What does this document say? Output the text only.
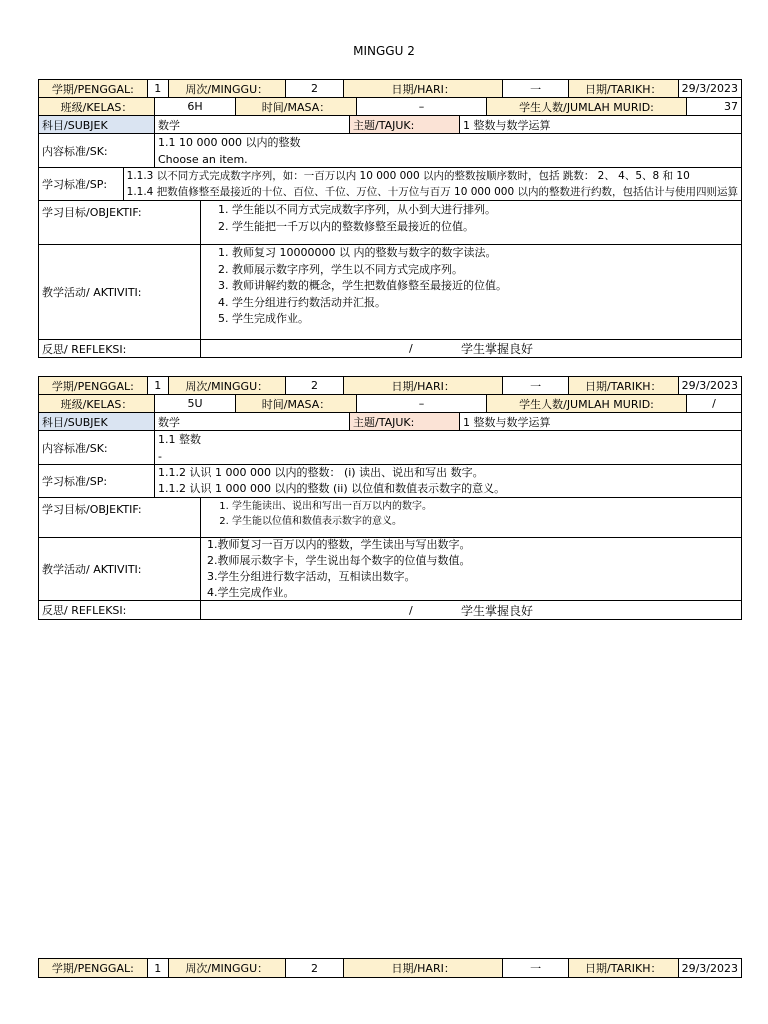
MINGGU 2
学期/PENGGAL:	1	周次/MINGGU：	2	日期/HARI：	一	日期/TARIKH：	29/3/2023
班级/KELAS：	6H	时间/MASA：	–	学生人数/JUMLAH MURID:	37
科目/SUBJEK	数学	主题/TAJUK:	1 整数与数学运算
内容标准/SK:
1.1 10 000 000 以内的整数
Choose an item.
学习标准/SP:
1.1.3 以不同方式完成数字序列，如：一百万以内 10 000 000 以内的整数按顺序数时，包括 跳数： 2、 4、5、8 和 10
1.1.4 把数值修整至最接近的十位、百位、千位、万位、十万位与百万 10 000 000 以内的整数进行约数，包括估计与使用四则运算
学习目标/OBJEKTIF:	1. 学生能以不同方式完成数字序列，从小到大进行排列。
2. 学生能把一千万以内的整数修整至最接近的位值。
教学活动/ AKTIVITI:
1. 教师复习 10000000 以 内的整数与数字的数字读法。
2. 教师展示数字序列，学生以不同方式完成序列。
3. 教师讲解约数的概念，学生把数值修整至最接近的位值。
4. 学生分组进行约数活动并汇报。
5. 学生完成作业。
反思/ REFLEKSI:	/	学生掌握良好
学期/PENGGAL:	1	周次/MINGGU：	2	日期/HARI：	一	日期/TARIKH：	29/3/2023
班级/KELAS：	5U	时间/MASA：	–	学生人数/JUMLAH MURID:	/
科目/SUBJEK	数学	主题/TAJUK:	1 整数与数学运算
内容标准/SK:
1.1 整数
-
学习标准/SP:
1.1.2 认识 1 000 000 以内的整数： (i) 读出、说出和写出 数字。
1.1.2 认识 1 000 000 以内的整数 (ii) 以位值和数值表示数字的意义。
学习目标/OBJEKTIF:	1. 学生能读出、说出和写出一百万以内的数字。
2. 学生能以位值和数值表示数字的意义。
教学活动/ AKTIVITI:
1.教师复习一百万以内的整数，学生读出与写出数字。
2.教师展示数字卡，学生说出每个数字的位值与数值。
3.学生分组进行数字活动，互相读出数字。
4.学生完成作业。
反思/ REFLEKSI:	/	学生掌握良好
学期/PENGGAL:	1	周次/MINGGU：	2	日期/HARI：	一	日期/TARIKH：	29/3/2023
